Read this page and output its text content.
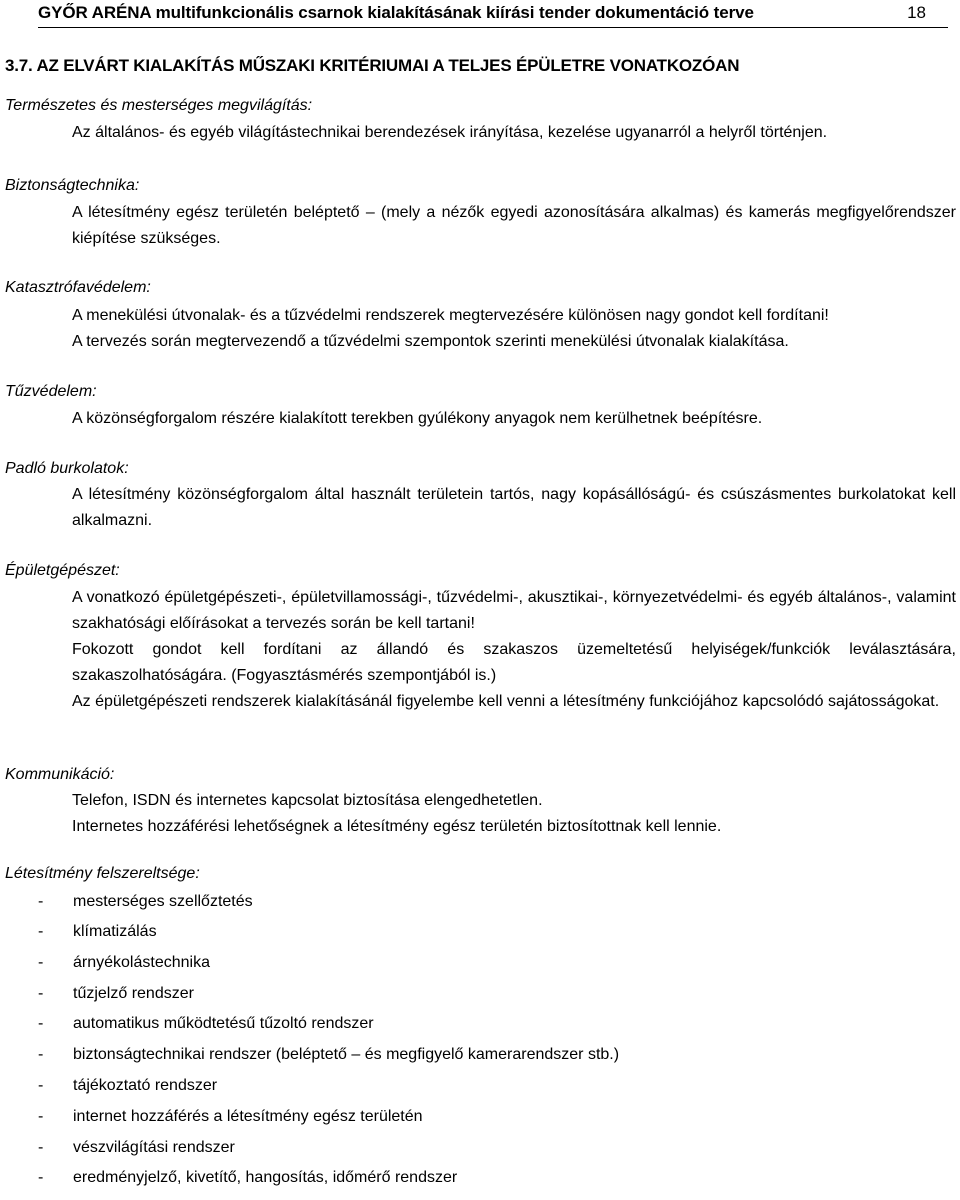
GYŐR ARÉNA multifunkcionális csarnok kialakításának kiírási tender dokumentáció terve	18
3.7. AZ ELVÁRT KIALAKÍTÁS MŰSZAKI KRITÉRIUMAI A TELJES ÉPÜLETRE VONATKOZÓAN
Természetes és mesterséges megvilágítás:
Az általános- és egyéb világítástechnikai berendezések irányítása, kezelése ugyanarról a helyről történjen.
Biztonságtechnika:

A létesítmény egész területén beléptető – (mely a nézők egyedi azonosítására alkalmas) és kamerás megfigyelőrendszer kiépítése szükséges.

Katasztrófavédelem:
A menekülési útvonalak- és a tűzvédelmi rendszerek megtervezésére különösen nagy gondot kell fordítani!
A tervezés során megtervezendő a tűzvédelmi szempontok szerinti menekülési útvonalak kialakítása.
Tűzvédelem:
A közönségforgalom részére kialakított terekben gyúlékony anyagok nem kerülhetnek beépítésre.
Padló burkolatok:

A létesítmény közönségforgalom által használt területein tartós, nagy kopásállóságú- és csúszásmentes burkolatokat kell alkalmazni.

Épületgépészet:

A vonatkozó épületgépészeti-, épületvillamossági-, tűzvédelmi-, akusztikai-, környezetvédelmi- és egyéb általános-, valamint szakhatósági előírásokat a tervezés során be kell tartani!

Fokozott gondot kell fordítani az állandó és szakaszos üzemeltetésű helyiségek/funkciók leválasztására, szakaszolhatóságára. (Fogyasztásmérés szempontjából is.)

Az épületgépészeti rendszerek kialakításánál figyelembe kell venni a létesítmény funkciójához kapcsolódó sajátosságokat.

Kommunikáció:
Telefon, ISDN és internetes kapcsolat biztosítása elengedhetetlen.
Internetes hozzáférési lehetőségnek a létesítmény egész területén biztosítottnak kell lennie.
Létesítmény felszereltsége:
- mesterséges szellőztetés
- klímatizálás
- árnyékolástechnika
- tűzjelző rendszer
- automatikus működtetésű tűzoltó rendszer
- biztonságtechnikai rendszer (beléptető – és megfigyelő kamerarendszer stb.)
- tájékoztató rendszer
- internet hozzáférés a létesítmény egész területén
- vészvilágítási rendszer
- eredményjelző, kivetítő, hangosítás, időmérő rendszer
